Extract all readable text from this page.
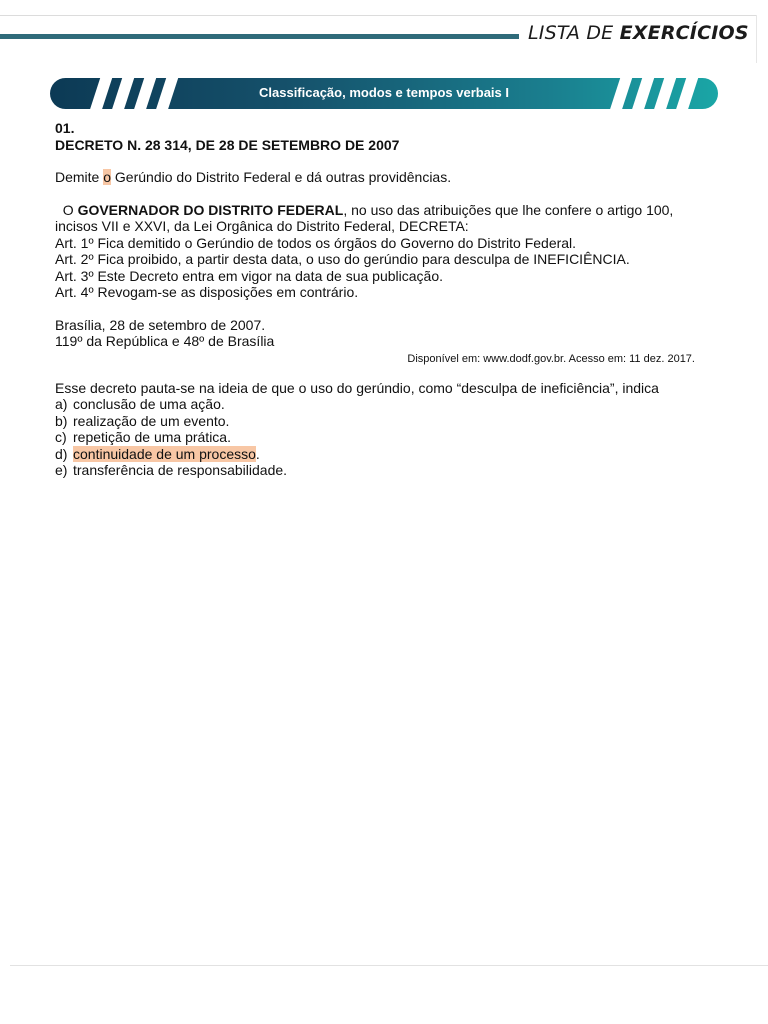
LISTA DE EXERCÍCIOS
Classificação, modos e tempos verbais I

01.

DECRETO N. 28 314, DE 28 DE SETEMBRO DE 2007

Demite o Gerúndio do Distrito Federal e dá outras providências.

O GOVERNADOR DO DISTRITO FEDERAL, no uso das atribuições que lhe confere o artigo 100, incisos VII e XXVI, da Lei Orgânica do Distrito Federal, DECRETA:

Art. 1º Fica demitido o Gerúndio de todos os órgãos do Governo do Distrito Federal.

Art. 2º Fica proibido, a partir desta data, o uso do gerúndio para desculpa de INEFICIÊNCIA.

Art. 3º Este Decreto entra em vigor na data de sua publicação.

Art. 4º Revogam-se as disposições em contrário.

Brasília, 28 de setembro de 2007.

119º da República e 48º de Brasília

Disponível em: www.dodf.gov.br. Acesso em: 11 dez. 2017.

Esse decreto pauta-se na ideia de que o uso do gerúndio, como “desculpa de ineficiência”, indica

a) conclusão de uma ação.
b) realização de um evento.
c) repetição de uma prática.
d) continuidade de um processo .
e) transferência de responsabilidade.
